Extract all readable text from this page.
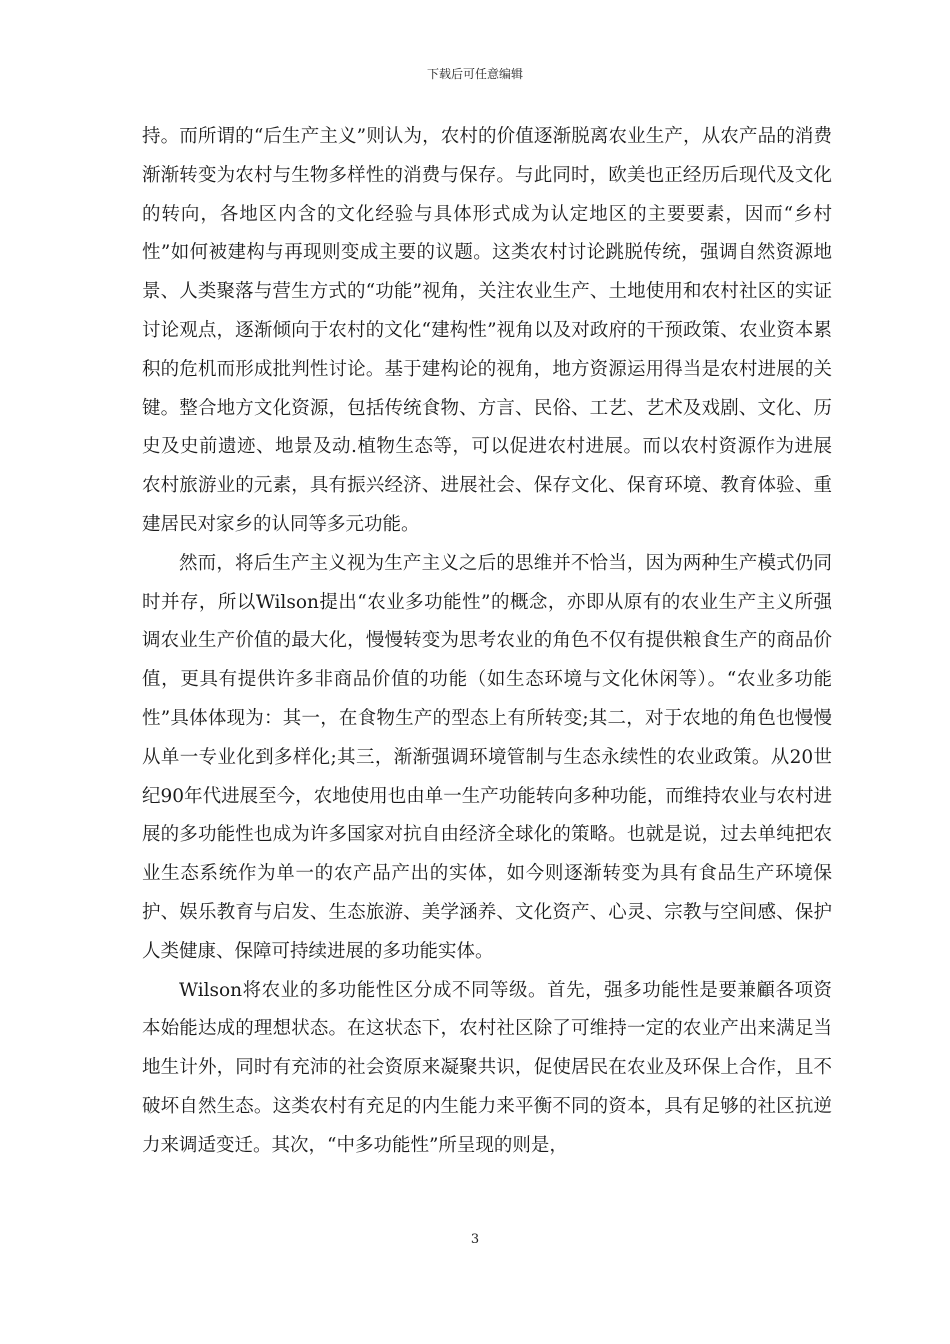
下载后可任意编辑

持。而所谓的“后生产主义”则认为，农村的价值逐渐脱离农业生产，从农产品的消费渐渐转变为农村与生物多样性的消费与保存。与此同时，欧美也正经历后现代及文化的转向，各地区内含的文化经验与具体形式成为认定地区的主要要素，因而“乡村性”如何被建构与再现则变成主要的议题。这类农村讨论跳脱传统，强调自然资源地景、人类聚落与营生方式的“功能”视角，关注农业生产、土地使用和农村社区的实证讨论观点，逐渐倾向于农村的文化“建构性”视角以及对政府的干预政策、农业资本累积的危机而形成批判性讨论。基于建构论的视角，地方资源运用得当是农村进展的关键。整合地方文化资源，包括传统食物、方言、民俗、工艺、艺术及戏剧、文化、历史及史前遗迹、地景及动.植物生态等，可以促进农村进展。而以农村资源作为进展农村旅游业的元素，具有振兴经济、进展社会、保存文化、保育环境、教育体验、重建居民对家乡的认同等多元功能。

然而，将后生产主义视为生产主义之后的思维并不恰当，因为两种生产模式仍同时并存，所以Wilson提出“农业多功能性”的概念，亦即从原有的农业生产主义所强调农业生产价值的最大化，慢慢转变为思考农业的角色不仅有提供粮食生产的商品价值，更具有提供许多非商品价值的功能（如生态环境与文化休闲等）。“农业多功能性”具体体现为：其一，在食物生产的型态上有所转变;其二，对于农地的角色也慢慢从单一专业化到多样化;其三，渐渐强调环境管制与生态永续性的农业政策。从20世纪90年代进展至今，农地使用也由单一生产功能转向多种功能，而维持农业与农村进展的多功能性也成为许多国家对抗自由经济全球化的策略。也就是说，过去单纯把农业生态系统作为单一的农产品产出的实体，如今则逐渐转变为具有食品生产环境保护、娱乐教育与启发、生态旅游、美学涵养、文化资产、心灵、宗教与空间感、保护人类健康、保障可持续进展的多功能实体。

Wilson将农业的多功能性区分成不同等级。首先，强多功能性是要兼顧各项资本始能达成的理想状态。在这状态下，农村社区除了可维持一定的农业产出来满足当地生计外，同时有充沛的社会资原来凝聚共识，促使居民在农业及环保上合作，且不破坏自然生态。这类农村有充足的内生能力来平衡不同的资本，具有足够的社区抗逆力来调适变迁。其次，“中多功能性”所呈现的则是，

3
